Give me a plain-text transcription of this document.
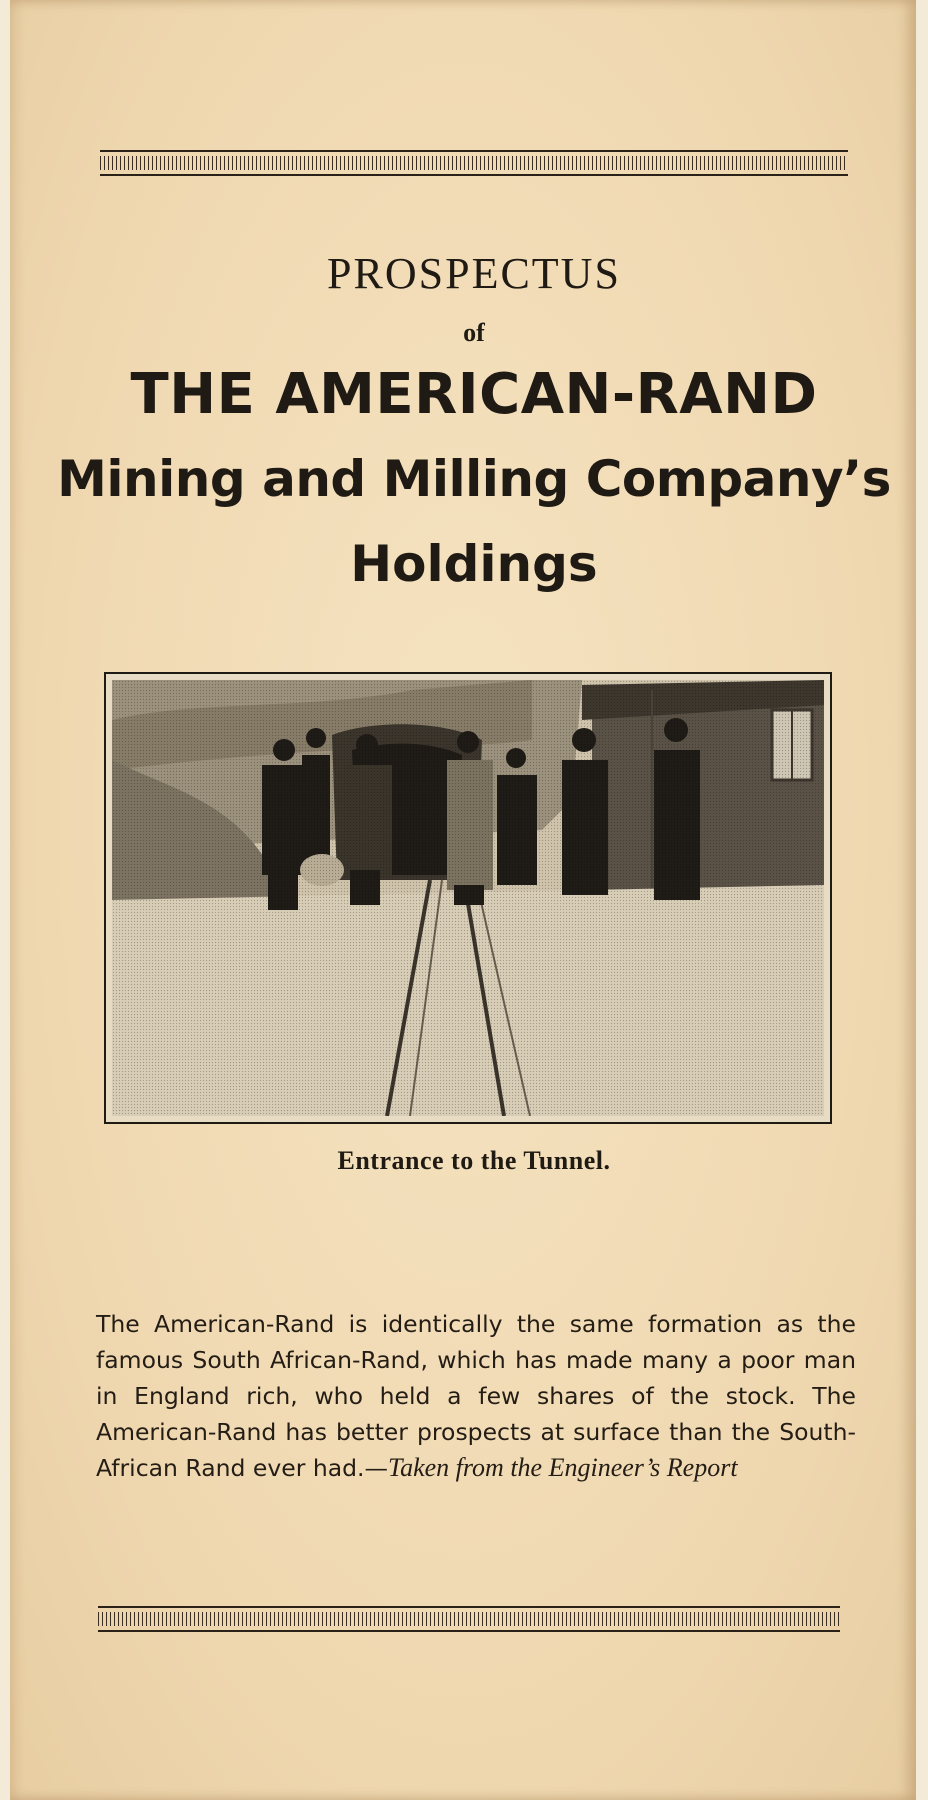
PROSPECTUS
of
THE AMERICAN-RAND
Mining and Milling Company’s
Holdings
Entrance to the Tunnel.
The American-Rand is identically the same formation as the famous South African-Rand, which has made many a poor man in England rich, who held a few shares of the stock. The American-Rand has better prospects at surface than the South-African Rand ever had.—Taken from the Engineer’s Report
